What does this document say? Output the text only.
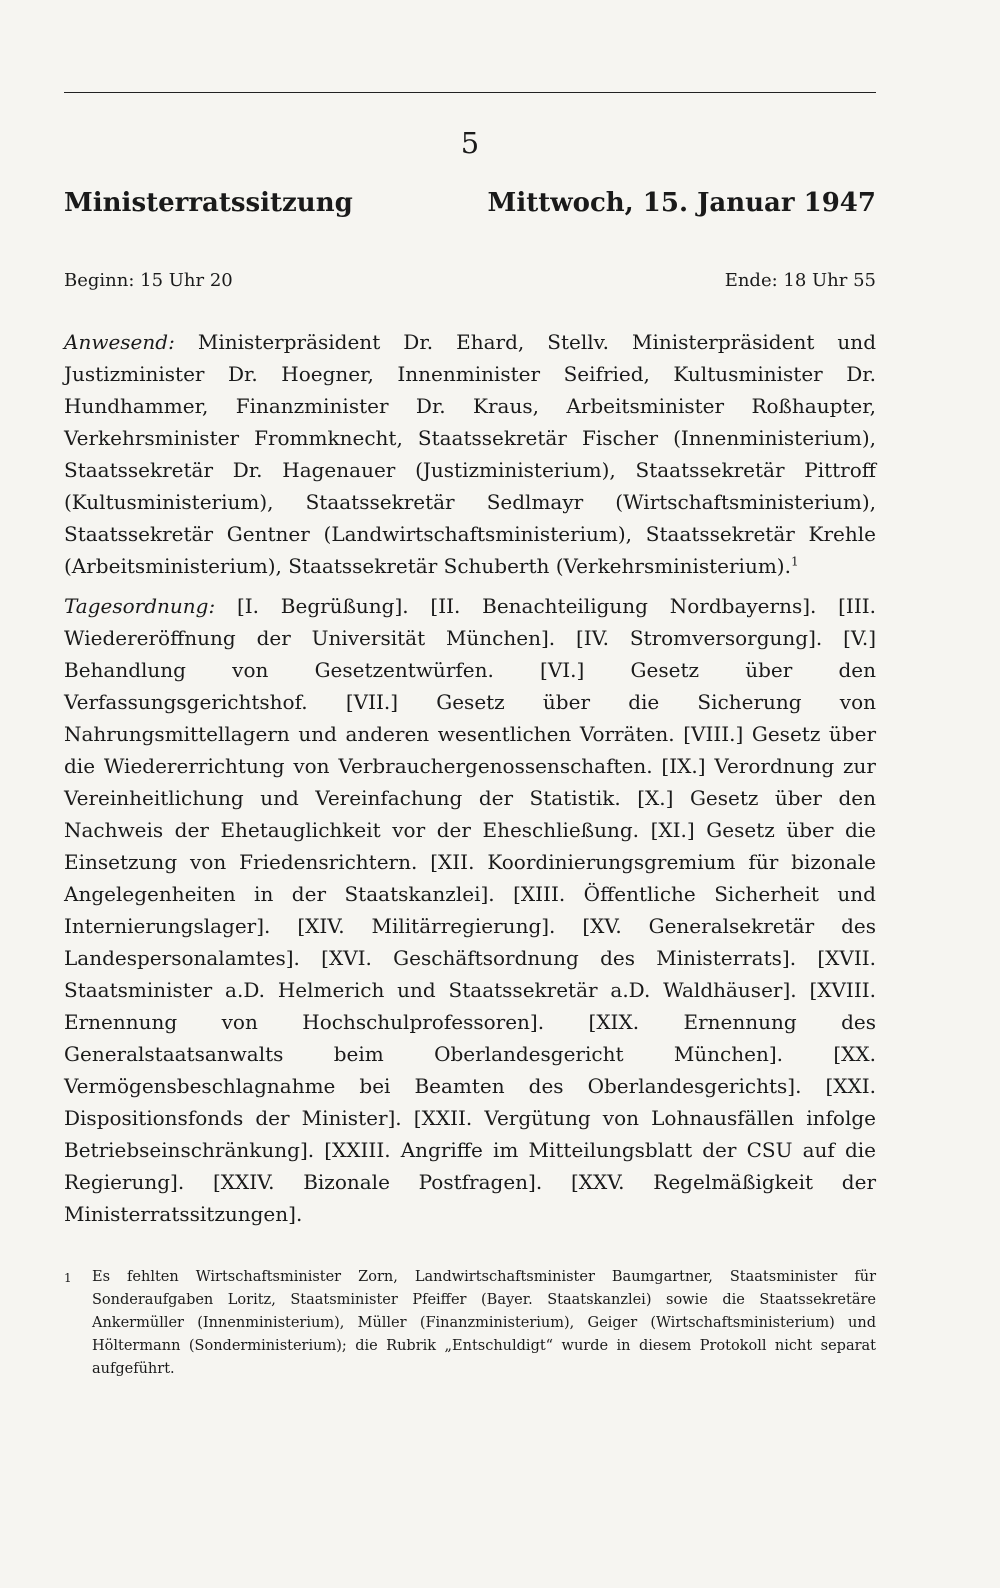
5
Ministerratssitzung	Mittwoch, 15. Januar 1947
Beginn: 15 Uhr 20	Ende: 18 Uhr 55

Anwesend: Ministerpräsident Dr. Ehard, Stellv. Ministerpräsident und Justizminister Dr. Hoegner, Innenminister Seifried, Kultusminister Dr. Hundhammer, Finanzminister Dr. Kraus, Arbeitsminister Roßhaupter, Verkehrsminister Frommknecht, Staatssekretär Fischer (Innenministerium), Staatssekretär Dr. Hagenauer (Justizministerium), Staatssekretär Pittroff (Kultusministerium), Staatssekretär Sedlmayr (Wirtschaftsministerium), Staatssekretär Gentner (Landwirtschaftsministerium), Staatssekretär Krehle (Arbeitsministerium), Staatssekretär Schuberth (Verkehrsministerium).$^1$

Tagesordnung: [I. Begrüßung]. [II. Benachteiligung Nordbayerns]. [III. Wiedereröffnung der Universität München]. [IV. Stromversorgung]. [V.] Behandlung von Gesetzentwürfen. [VI.] Gesetz über den Verfassungsgerichtshof. [VII.] Gesetz über die Sicherung von Nahrungsmittellagern und anderen wesentlichen Vorräten. [VIII.] Gesetz über die Wiedererrichtung von Verbrauchergenossenschaften. [IX.] Verordnung zur Vereinheitlichung und Vereinfachung der Statistik. [X.] Gesetz über den Nachweis der Ehetauglichkeit vor der Eheschließung. [XI.] Gesetz über die Einsetzung von Friedensrichtern. [XII. Koordinierungsgremium für bizonale Angelegenheiten in der Staatskanzlei]. [XIII. Öffentliche Sicherheit und Internierungslager]. [XIV. Militärregierung]. [XV. Generalsekretär des Landespersonalamtes]. [XVI. Geschäftsordnung des Ministerrats]. [XVII. Staatsminister a.D. Helmerich und Staatssekretär a.D. Waldhäuser]. [XVIII. Ernennung von Hochschulprofessoren]. [XIX. Ernennung des Generalstaatsanwalts beim Oberlandesgericht München]. [XX. Vermögensbeschlagnahme bei Beamten des Oberlandesgerichts]. [XXI. Dispositionsfonds der Minister]. [XXII. Vergütung von Lohnausfällen infolge Betriebseinschränkung]. [XXIII. Angriffe im Mitteilungsblatt der CSU auf die Regierung]. [XXIV. Bizonale Postfragen]. [XXV. Regelmäßigkeit der Ministerratssitzungen].

1	Es fehlten Wirtschaftsminister Zorn, Landwirtschaftsminister Baumgartner, Staatsminister für Sonderaufgaben Loritz, Staatsminister Pfeiffer (Bayer. Staatskanzlei) sowie die Staatssekretäre Ankermüller (Innenministerium), Müller (Finanzministerium), Geiger (Wirtschaftsministerium) und Höltermann (Sonderministerium); die Rubrik „Entschuldigt“ wurde in diesem Protokoll nicht separat aufgeführt.
